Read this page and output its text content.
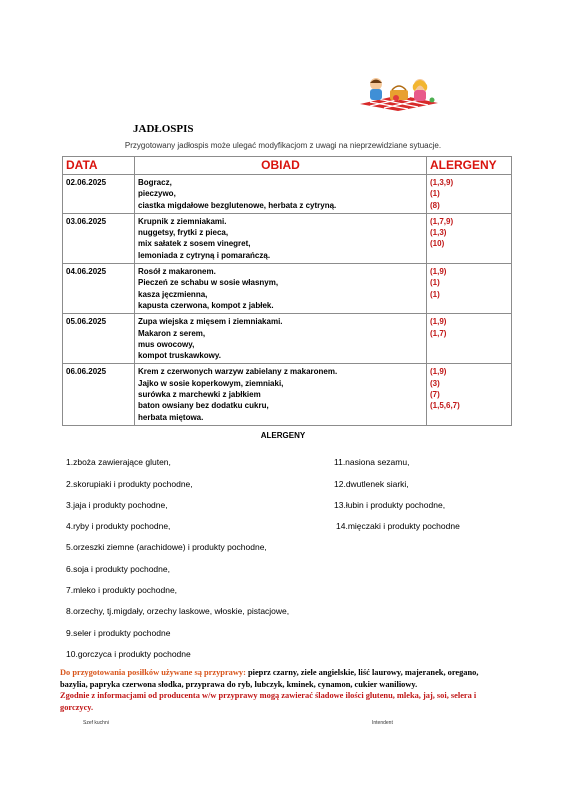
JADŁOSPIS
Przygotowany jadłospis może ulegać modyfikacjom z uwagi na nieprzewidziane sytuacje.
DATA	OBIAD	ALERGENY

02.06.2025	Bogracz,
pieczywo,
ciastka migdałowe bezglutenowe, herbata z cytryną.	(1,3,9)
(1)
(8)

03.06.2025	Krupnik z ziemniakami.
nuggetsy, frytki z pieca,
mix sałatek z sosem vinegret,
lemoniada z cytryną i pomarańczą.	(1,7,9)
(1,3)
(10)

04.06.2025	Rosół z makaronem.
Pieczeń ze schabu w sosie własnym,
kasza jęczmienna,
kapusta czerwona, kompot z jabłek.	(1,9)
(1)
(1)

05.06.2025	Zupa wiejska z mięsem i ziemniakami.
Makaron z serem,
mus owocowy,
kompot truskawkowy.	(1,9)
(1,7)

06.06.2025	Krem z czerwonych warzyw zabielany z makaronem.
Jajko w sosie koperkowym, ziemniaki,
surówka z marchewki z jabłkiem
baton owsiany bez dodatku cukru,
herbata miętowa.	(1,9)
(3)
(7)
(1,5,6,7)
ALERGENY
1.zboża zawierające gluten,
2.skorupiaki i produkty pochodne,
3.jaja i produkty pochodne,
4.ryby i produkty pochodne,
5.orzeszki ziemne (arachidowe) i produkty pochodne,
6.soja i produkty pochodne,
7.mleko i produkty pochodne,
8.orzechy, tj.migdały, orzechy laskowe, włoskie, pistacjowe,
9.seler i produkty pochodne
10.gorczyca i produkty pochodne
11.nasiona sezamu,
12.dwutlenek siarki,
13.łubin i produkty pochodne,
14.mięczaki i produkty pochodne
Do przygotowania posiłków używane są przyprawy: pieprz czarny, ziele angielskie, liść laurowy, majeranek, oregano, bazylia, papryka czerwona słodka, przyprawa do ryb, lubczyk, kminek, cynamon, cukier waniliowy.
Zgodnie z informacjami od producenta w/w przyprawy mogą zawierać śladowe ilości glutenu, mleka, jaj, soi, selera i gorczycy.
Szef kuchni	Intendent
